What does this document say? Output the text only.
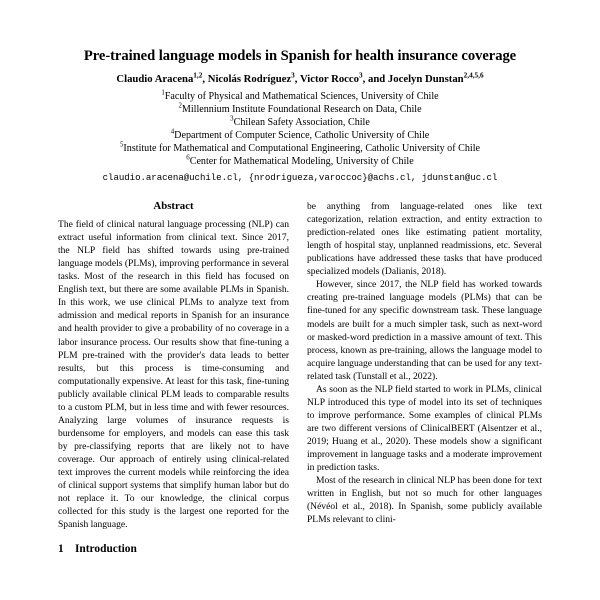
Pre-trained language models in Spanish for health insurance coverage
Claudio Aracena$^{1,2}$, Nicolás Rodríguez$^3$, Victor Rocco$^3$, and Jocelyn Dunstan$^{2,4,5,6}$

$^1$Faculty of Physical and Mathematical Sciences, University of Chile

$^2$Millennium Institute Foundational Research on Data, Chile

$^3$Chilean Safety Association, Chile

$^4$Department of Computer Science, Catholic University of Chile

$^5$Institute for Mathematical and Computational Engineering, Catholic University of Chile

$^6$Center for Mathematical Modeling, University of Chile

claudio.aracena@uchile.cl, {nrodrigueza,varoccoc}@achs.cl, jdunstan@uc.cl
Abstract

The field of clinical natural language processing (NLP) can extract useful information from clinical text. Since 2017, the NLP field has shifted towards using pre-trained language models (PLMs), improving performance in several tasks. Most of the research in this field has focused on English text, but there are some available PLMs in Spanish. In this work, we use clinical PLMs to analyze text from admission and medical reports in Spanish for an insurance and health provider to give a probability of no coverage in a labor insurance process. Our results show that fine-tuning a PLM pre-trained with the provider's data leads to better results, but this process is time-consuming and computationally expensive. At least for this task, fine-tuning publicly available clinical PLM leads to comparable results to a custom PLM, but in less time and with fewer resources. Analyzing large volumes of insurance requests is burdensome for employers, and models can ease this task by pre-classifying reports that are likely not to have coverage. Our approach of entirely using clinical-related text improves the current models while reinforcing the idea of clinical support systems that simplify human labor but do not replace it. To our knowledge, the clinical corpus collected for this study is the largest one reported for the Spanish language.

1 Introduction

be anything from language-related ones like text categorization, relation extraction, and entity extraction to prediction-related ones like estimating patient mortality, length of hospital stay, unplanned readmissions, etc. Several publications have addressed these tasks that have produced specialized models (Dalianis, 2018).

However, since 2017, the NLP field has worked towards creating pre-trained language models (PLMs) that can be fine-tuned for any specific downstream task. These language models are built for a much simpler task, such as next-word or masked-word prediction in a massive amount of text. This process, known as pre-training, allows the language model to acquire language understanding that can be used for any text-related task (Tunstall et al., 2022).

As soon as the NLP field started to work in PLMs, clinical NLP introduced this type of model into its set of techniques to improve performance. Some examples of clinical PLMs are two different versions of ClinicalBERT (Alsentzer et al., 2019; Huang et al., 2020). These models show a significant improvement in language tasks and a moderate improvement in prediction tasks.

Most of the research in clinical NLP has been done for text written in English, but not so much for other languages (Névéol et al., 2018). In Spanish, some publicly available PLMs relevant to clini-
